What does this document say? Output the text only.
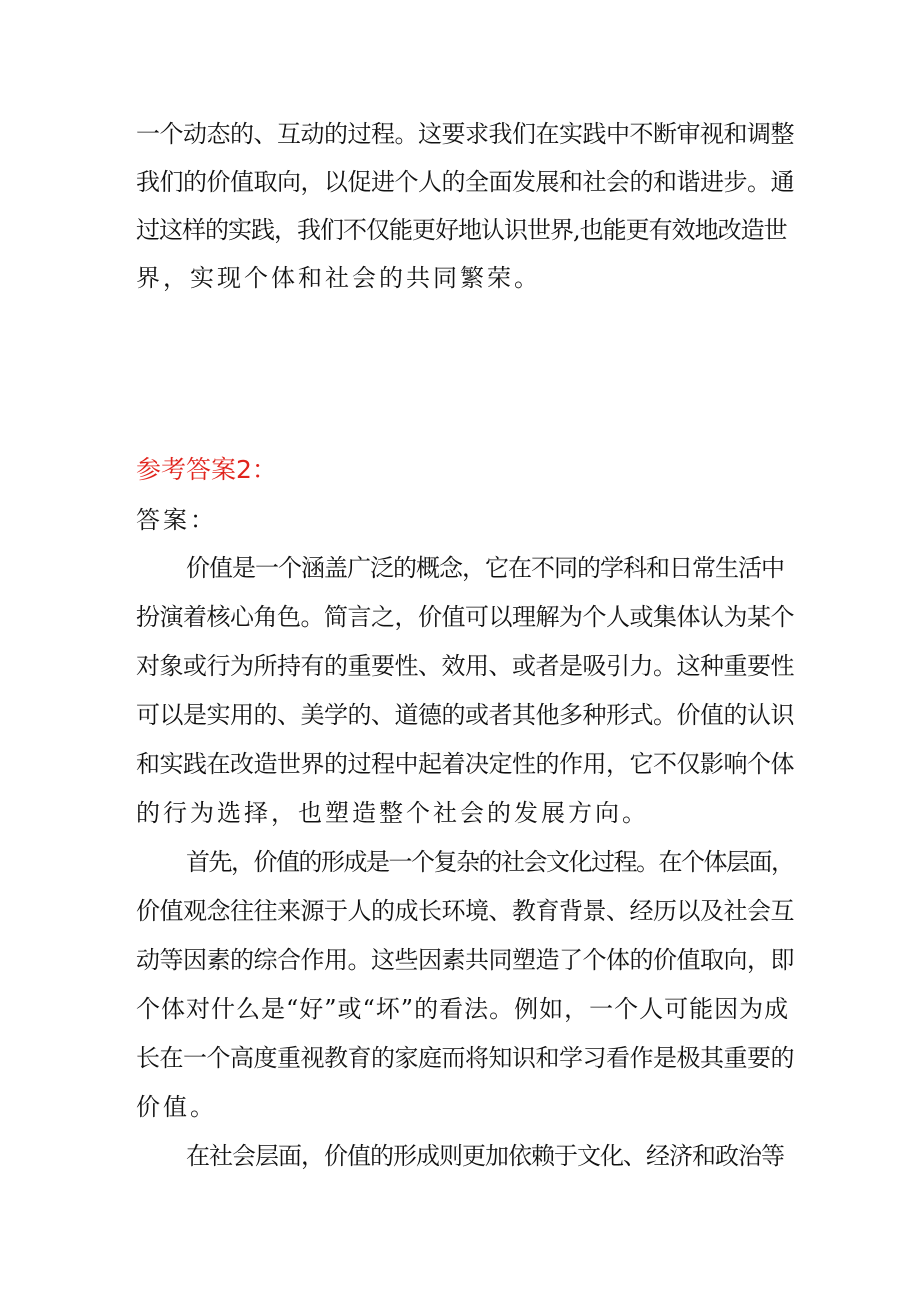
一个动态的、互动的过程。这要求我们在实践中不断审视和调整
我们的价值取向，以促进个人的全面发展和社会的和谐进步。通
过这样的实践，我们不仅能更好地认识世界,也能更有效地改造世
界，实现个体和社会的共同繁荣。
参考答案2：
答案：
价值是一个涵盖广泛的概念，它在不同的学科和日常生活中
扮演着核心角色。简言之，价值可以理解为个人或集体认为某个
对象或行为所持有的重要性、效用、或者是吸引力。这种重要性
可以是实用的、美学的、道德的或者其他多种形式。价值的认识
和实践在改造世界的过程中起着决定性的作用，它不仅影响个体
的行为选择，也塑造整个社会的发展方向。
首先，价值的形成是一个复杂的社会文化过程。在个体层面，
价值观念往往来源于人的成长环境、教育背景、经历以及社会互
动等因素的综合作用。这些因素共同塑造了个体的价值取向，即
个体对什么是“好”或“坏”的看法。例如，一个人可能因为成
长在一个高度重视教育的家庭而将知识和学习看作是极其重要的
价值。
在社会层面，价值的形成则更加依赖于文化、经济和政治等
